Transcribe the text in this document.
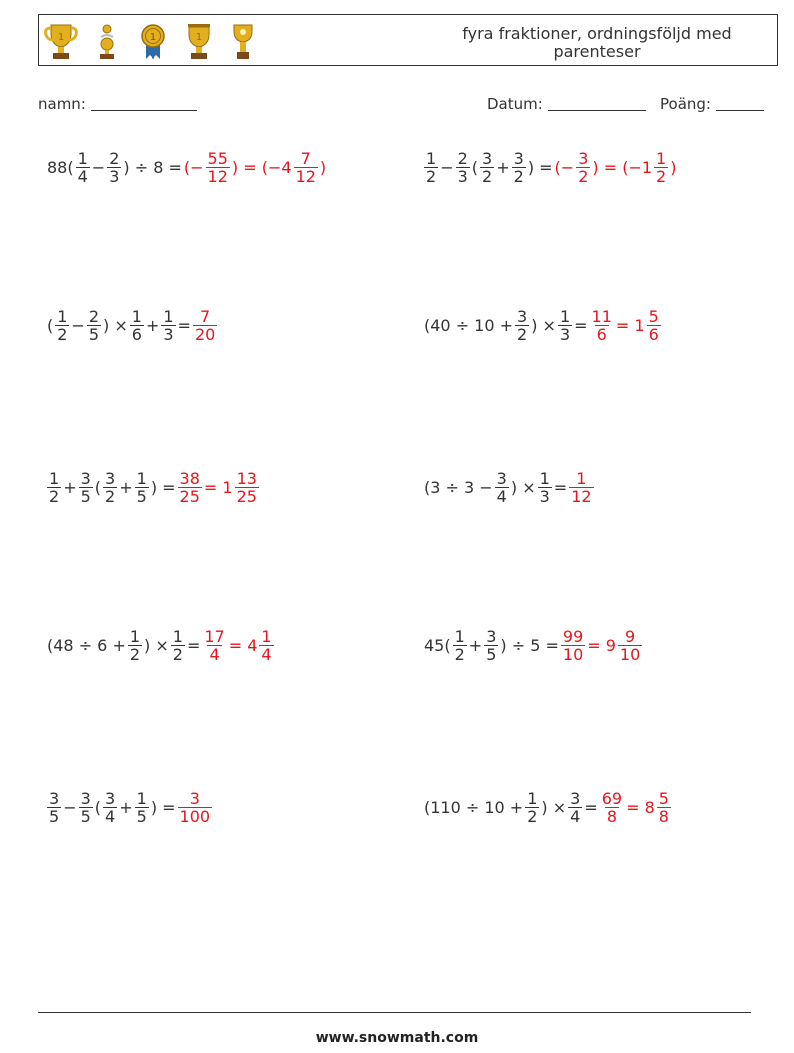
1	1	1	fyra fraktioner, ordningsföljd med
parenteser
namn:	Datum:	Poäng:
$88( \frac{1}{4} - \frac{2}{3}$ ) ÷ 8 = (− $\frac{55}{12}$ ) = ($-4 \frac{7}{12}$ )	$\frac{1}{2} - \frac{2}{3}$ ( $\frac{3}{2} + \frac{3}{2}$ ) = (− $\frac{3}{2}$ ) = ($-1 \frac{1}{2}$ )
( $\frac{1}{2} - \frac{2}{5}$ ) × $\frac{1}{6} + \frac{1}{3} = \frac{7}{20}$	($40 \div 10 + \frac{3}{2}$ ) × $\frac{1}{3} = \frac{11}{6} = 1 \frac{5}{6}$
$\frac{1}{2} + \frac{3}{5}$ ( $\frac{3}{2} + \frac{1}{5}$ ) = $\frac{38}{25} = 1 \frac{13}{25}$	($3 \div 3 - \frac{3}{4}$ ) × $\frac{1}{3} = \frac{1}{12}$
($48 \div 6 + \frac{1}{2}$ ) × $\frac{1}{2} = \frac{17}{4} = 4 \frac{1}{4}$	$45( \frac{1}{2} + \frac{3}{5}$ ) ÷ $5 = \frac{99}{10} = 9 \frac{9}{10}$
$\frac{3}{5} - \frac{3}{5}$ ( $\frac{3}{4} + \frac{1}{5}$ ) = $\frac{3}{100}$	($110 \div 10 + \frac{1}{2}$ ) × $\frac{3}{4} = \frac{69}{8} = 8 \frac{5}{8}$
www.snowmath.com
